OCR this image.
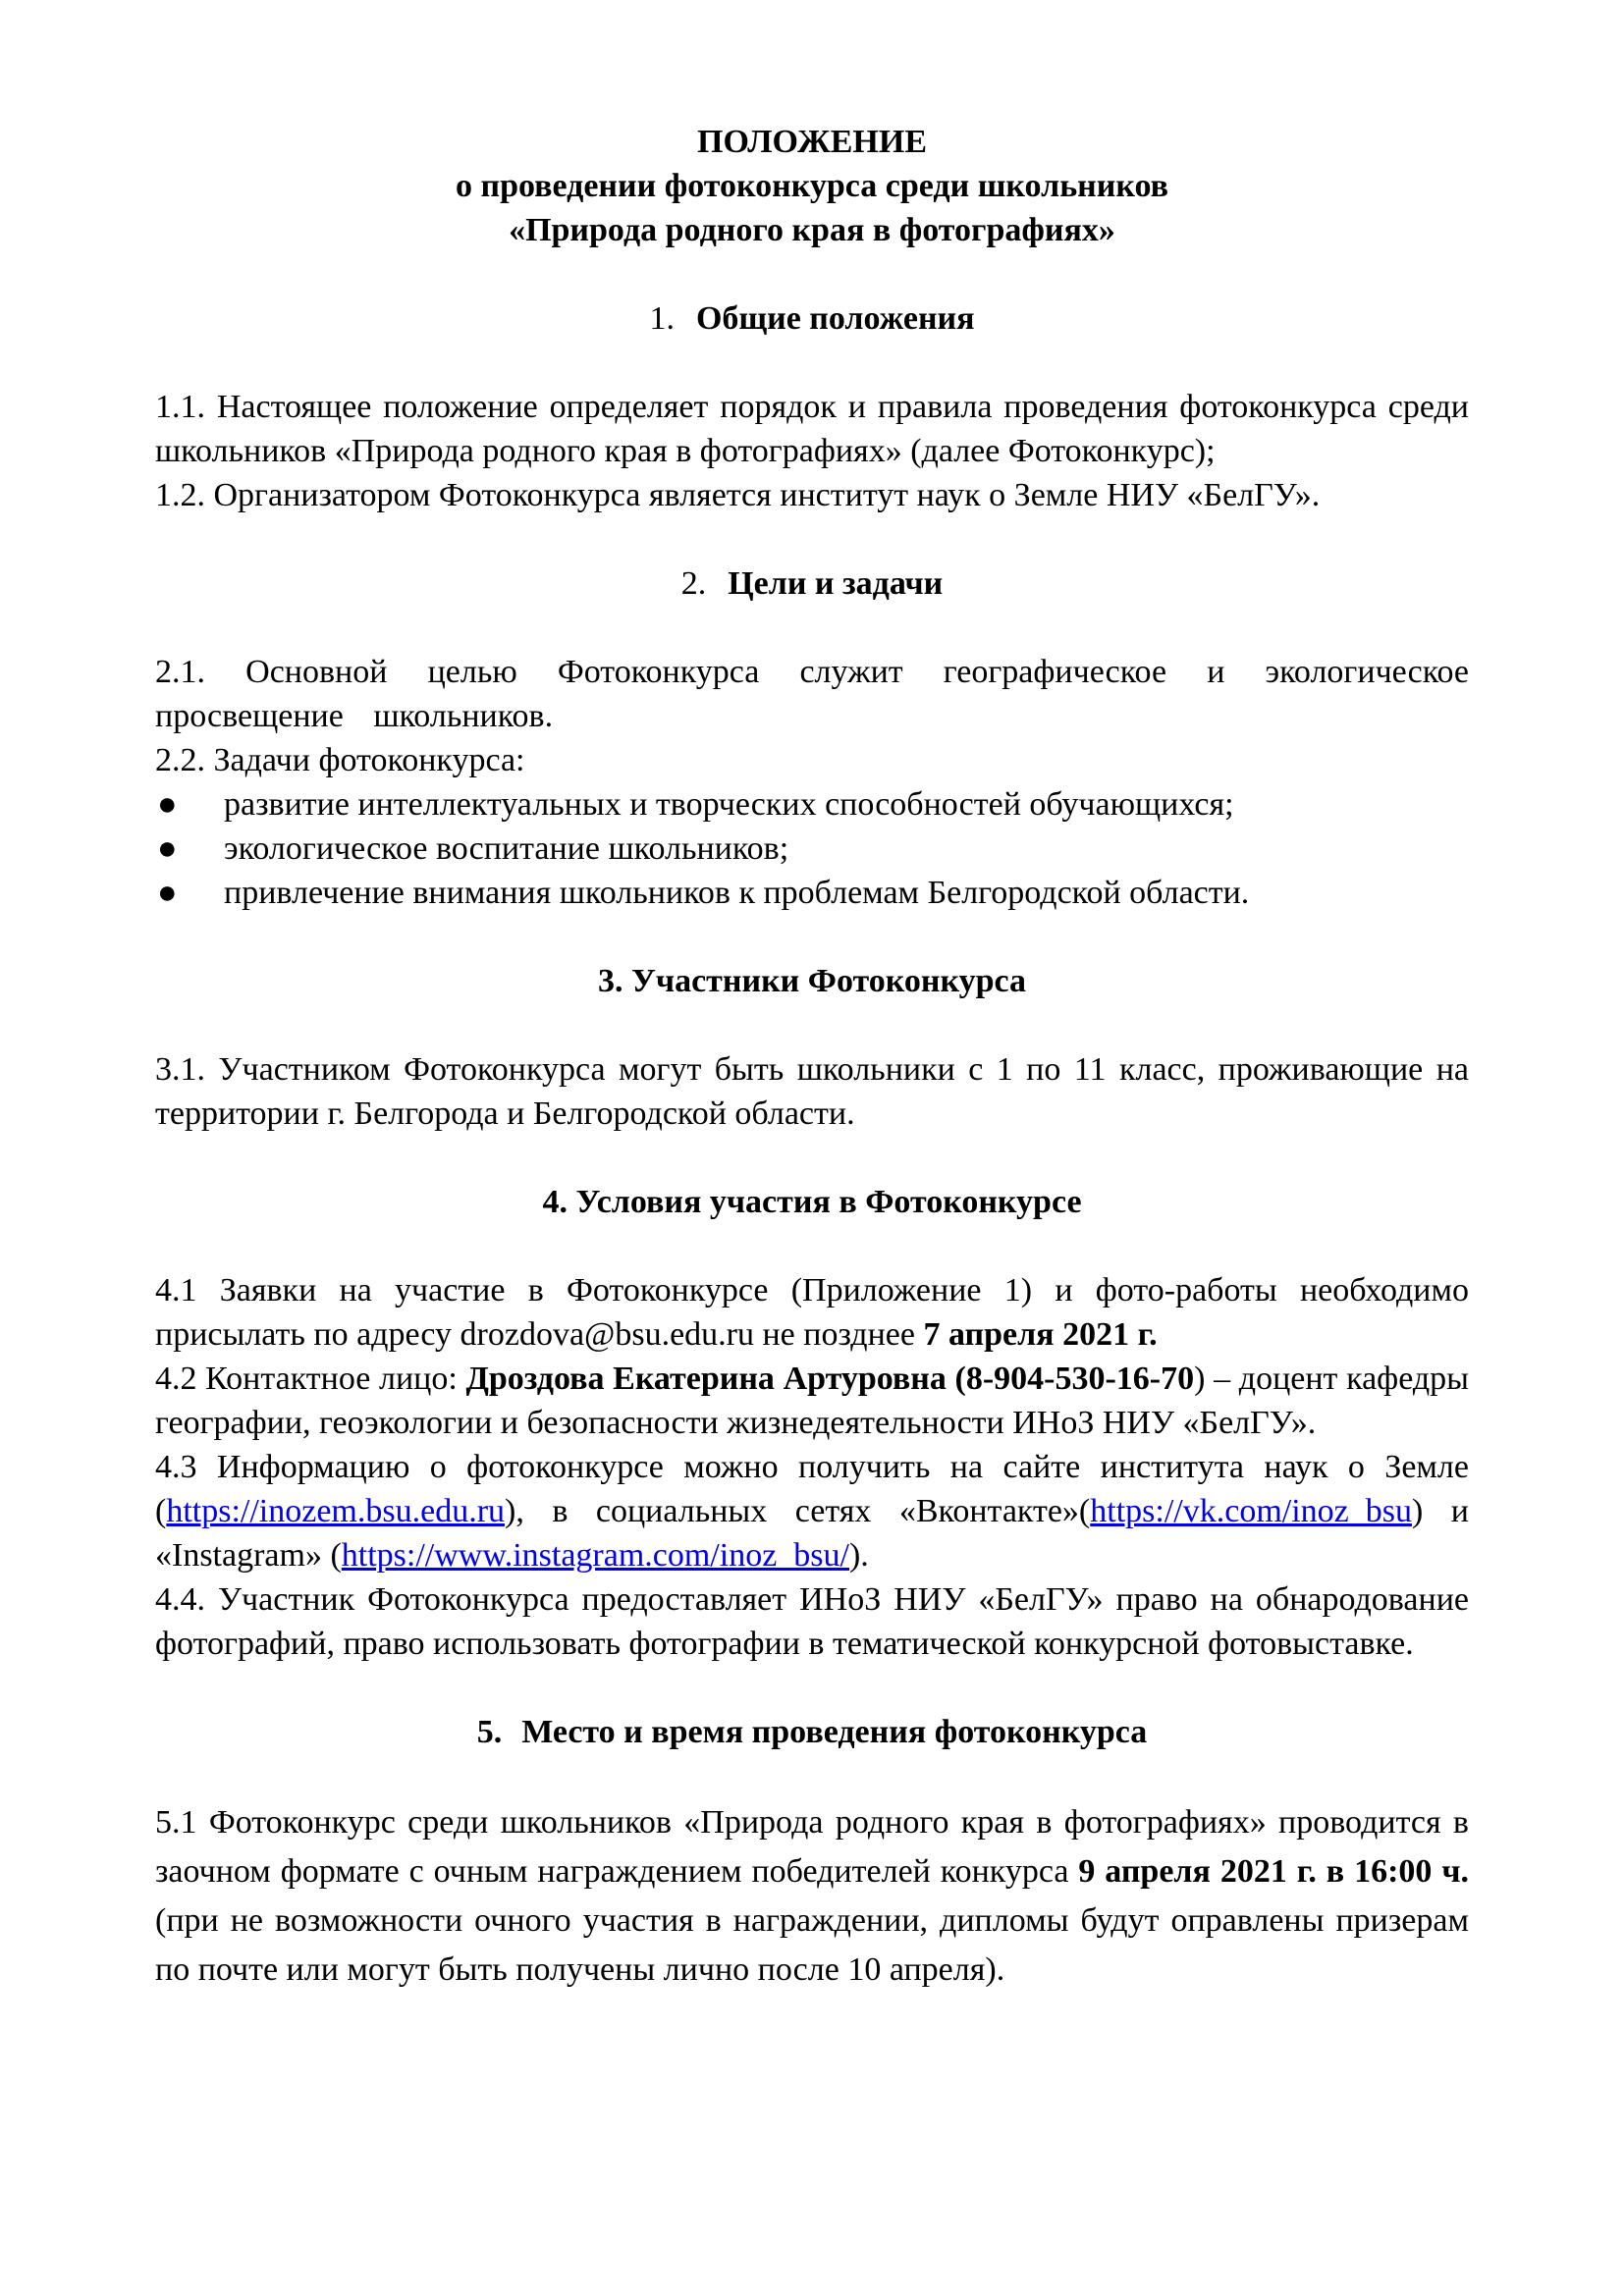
ПОЛОЖЕНИЕ
о проведении фотоконкурса среди школьников
«Природа родного края в фотографиях»
1. Общие положения

1.1. Настоящее положение определяет порядок и правила проведения фотоконкурса среди школьников «Природа родного края в фотографиях» (далее Фотоконкурс);

1.2. Организатором Фотоконкурса является институт наук о Земле НИУ «БелГУ».

2. Цели и задачи

2.1. Основной целью Фотоконкурса служит географическое и экологическое просвещение школьников.

2.2. Задачи фотоконкурса:

● развитие интеллектуальных и творческих способностей обучающихся;
● экологическое воспитание школьников;
● привлечение внимания школьников к проблемам Белгородской области.
3. Участники Фотоконкурса

3.1. Участником Фотоконкурса могут быть школьники с 1 по 11 класс, проживающие на территории г. Белгорода и Белгородской области.

4. Условия участия в Фотоконкурсе

4.1 Заявки на участие в Фотоконкурсе (Приложение 1) и фото-работы необходимо присылать по адресу drozdova@bsu.edu.ru не позднее 7 апреля 2021 г.

4.2 Контактное лицо: Дроздова Екатерина Артуровна (8-904-530-16-70) – доцент кафедры географии, геоэкологии и безопасности жизнедеятельности ИНоЗ НИУ «БелГУ».

4.3 Информацию о фотоконкурсе можно получить на сайте института наук о Земле (https://inozem.bsu.edu.ru), в социальных сетях «Вконтакте»(https://vk.com/inoz_bsu) и «Instagram» (https://www.instagram.com/inoz_bsu/).

4.4. Участник Фотоконкурса предоставляет ИНоЗ НИУ «БелГУ» право на обнародование фотографий, право использовать фотографии в тематической конкурсной фотовыставке.

5. Место и время проведения фотоконкурса

5.1 Фотоконкурс среди школьников «Природа родного края в фотографиях» проводится в заочном формате с очным награждением победителей конкурса 9 апреля 2021 г. в 16:00 ч. (при не возможности очного участия в награждении, дипломы будут оправлены призерам по почте или могут быть получены лично после 10 апреля).
